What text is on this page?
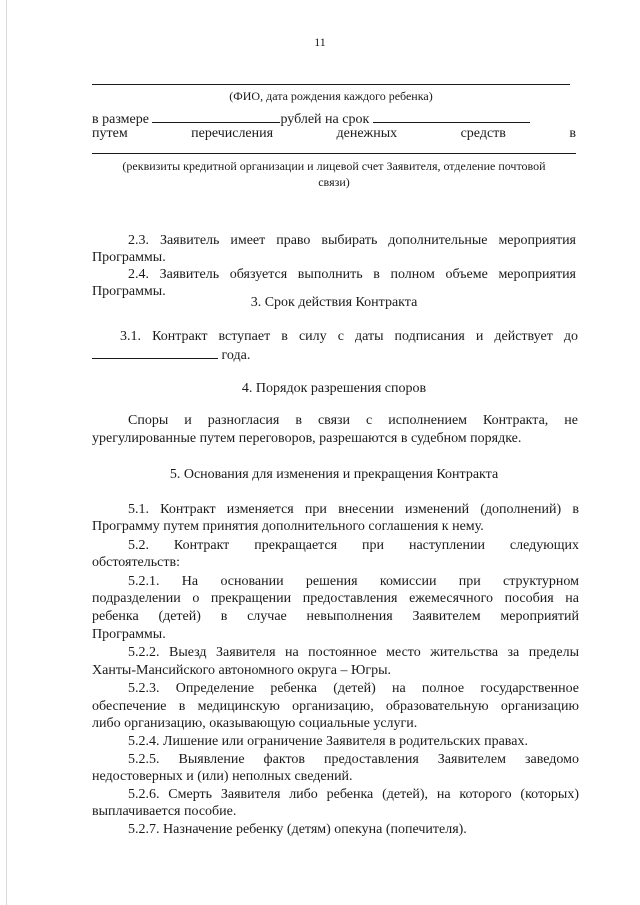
11
(ФИО, дата рождения каждого ребенка)
в размере	рублей на срок
путем	перечисления	денежных	средств	в
(реквизиты кредитной организации и лицевой счет Заявителя, отделение почтовой
связи)
2.3. Заявитель имеет право выбирать дополнительные мероприятия
Программы.
2.4. Заявитель обязуется выполнить в полном объеме мероприятия
Программы.
3. Срок действия Контракта
3.1. Контракт вступает в силу с даты подписания и действует до
года.
4. Порядок разрешения споров
Споры и разногласия в связи с исполнением Контракта, не
урегулированные путем переговоров, разрешаются в судебном порядке.
5. Основания для изменения и прекращения Контракта
5.1. Контракт изменяется при внесении изменений (дополнений) в
Программу путем принятия дополнительного соглашения к нему.
5.2. Контракт прекращается при наступлении следующих
обстоятельств:
5.2.1. На основании решения комиссии при структурном
подразделении о прекращении предоставления ежемесячного пособия на
ребенка (детей) в случае невыполнения Заявителем мероприятий
Программы.
5.2.2. Выезд Заявителя на постоянное место жительства за пределы
Ханты-Мансийского автономного округа – Югры.
5.2.3. Определение ребенка (детей) на полное государственное
обеспечение в медицинскую организацию, образовательную организацию
либо организацию, оказывающую социальные услуги.
5.2.4. Лишение или ограничение Заявителя в родительских правах.
5.2.5. Выявление фактов предоставления Заявителем заведомо
недостоверных и (или) неполных сведений.
5.2.6. Смерть Заявителя либо ребенка (детей), на которого (которых)
выплачивается пособие.
5.2.7. Назначение ребенку (детям) опекуна (попечителя).
